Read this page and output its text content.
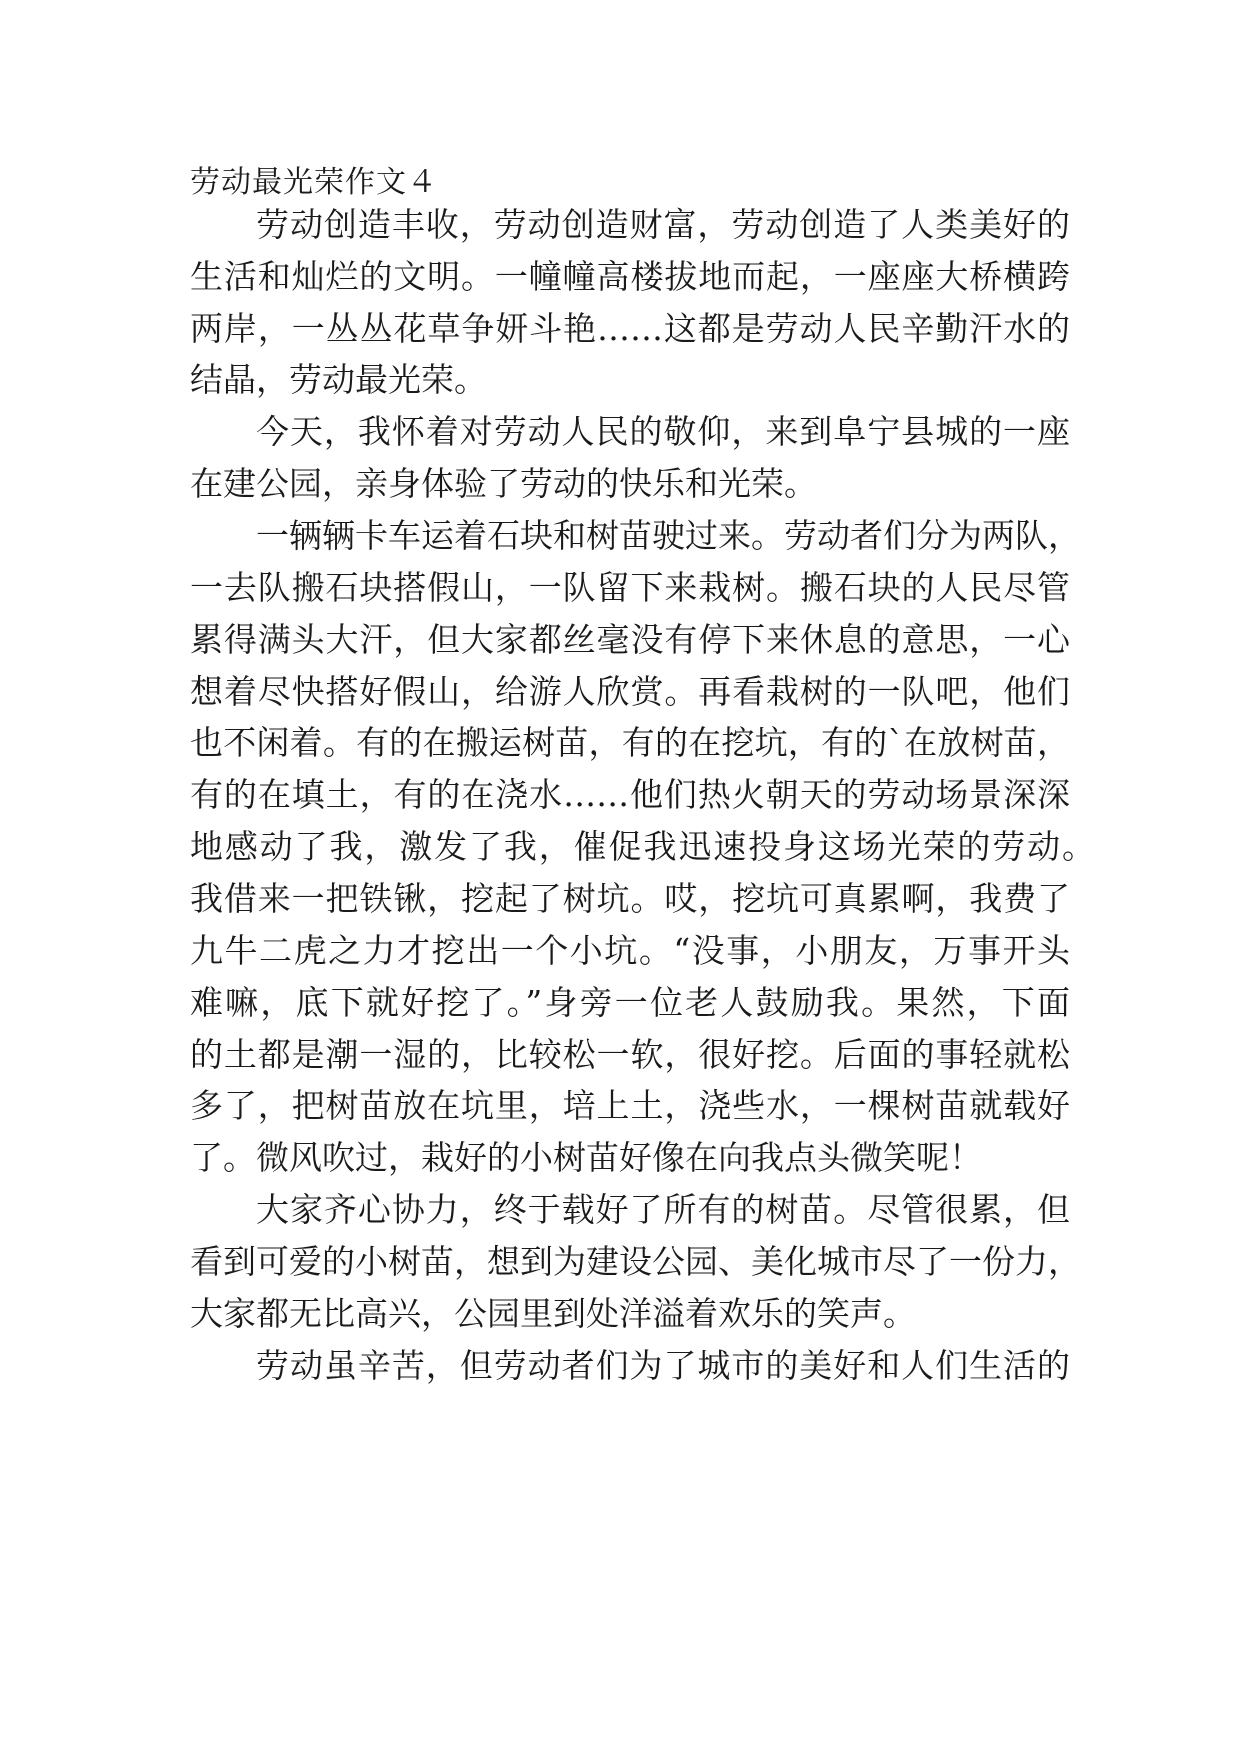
劳动最光荣作文４
劳动创造丰收，劳动创造财富，劳动创造了人类美好的
生活和灿烂的文明。一幢幢高楼拔地而起，一座座大桥横跨
两岸，一丛丛花草争妍斗艳……这都是劳动人民辛勤汗水的
结晶，劳动最光荣。
今天，我怀着对劳动人民的敬仰，来到阜宁县城的一座
在建公园，亲身体验了劳动的快乐和光荣。
一辆辆卡车运着石块和树苗驶过来。劳动者们分为两队，
一去队搬石块搭假山，一队留下来栽树。搬石块的人民尽管
累得满头大汗，但大家都丝毫没有停下来休息的意思，一心
想着尽快搭好假山，给游人欣赏。再看栽树的一队吧，他们
也不闲着。有的在搬运树苗，有的在挖坑，有的`在放树苗，
有的在填土，有的在浇水……他们热火朝天的劳动场景深深
地感动了我，激发了我，催促我迅速投身这场光荣的劳动。
我借来一把铁锹，挖起了树坑。哎，挖坑可真累啊，我费了
九牛二虎之力才挖出一个小坑。“没事，小朋友，万事开头
难嘛，底下就好挖了。”身旁一位老人鼓励我。果然，下面
的土都是潮一湿的，比较松一软，很好挖。后面的事轻就松
多了，把树苗放在坑里，培上土，浇些水，一棵树苗就载好
了。微风吹过，栽好的小树苗好像在向我点头微笑呢！
大家齐心协力，终于载好了所有的树苗。尽管很累，但
看到可爱的小树苗，想到为建设公园、美化城市尽了一份力，
大家都无比高兴，公园里到处洋溢着欢乐的笑声。
劳动虽辛苦，但劳动者们为了城市的美好和人们生活的
